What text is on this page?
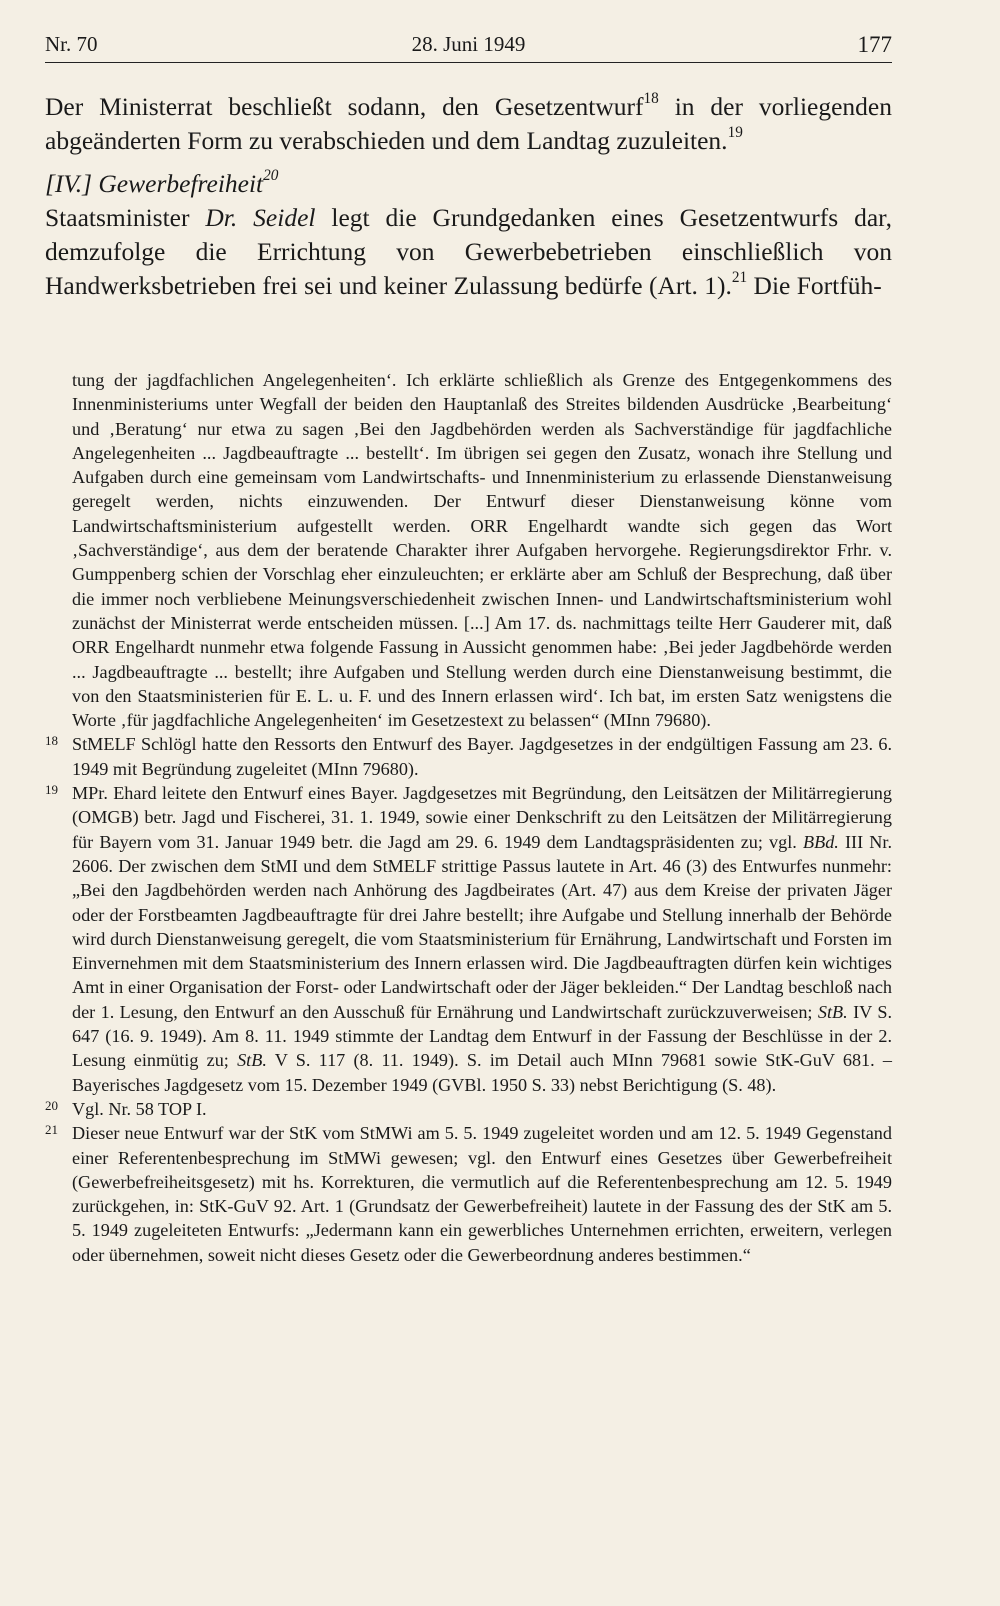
Nr. 70	28. Juni 1949	177

Der Ministerrat beschließt sodann, den Gesetzentwurf$^{18}$ in der vorliegenden abgeänderten Form zu verabschieden und dem Landtag zuzuleiten.$^{19}$

[IV.] Gewerbefreiheit$^{20}$

Staatsminister Dr. Seidel legt die Grundgedanken eines Gesetzentwurfs dar, demzufolge die Errichtung von Gewerbebetrieben einschließlich von Handwerksbetrieben frei sei und keiner Zulassung bedürfe (Art. 1).$^{21}$ Die Fortfüh-

tung der jagdfachlichen Angelegenheiten‘. Ich erklärte schließlich als Grenze des Entgegenkommens des Innenministeriums unter Wegfall der beiden den Hauptanlaß des Streites bildenden Ausdrücke ‚Bearbeitung‘ und ‚Beratung‘ nur etwa zu sagen ‚Bei den Jagdbehörden werden als Sachverständige für jagdfachliche Angelegenheiten ... Jagdbeauftragte ... bestellt‘. Im übrigen sei gegen den Zusatz, wonach ihre Stellung und Aufgaben durch eine gemeinsam vom Landwirtschafts- und Innenministerium zu erlassende Dienstanweisung geregelt werden, nichts einzuwenden. Der Entwurf dieser Dienstanweisung könne vom Landwirtschaftsministerium aufgestellt werden. ORR Engelhardt wandte sich gegen das Wort ‚Sachverständige‘, aus dem der beratende Charakter ihrer Aufgaben hervorgehe. Regierungsdirektor Frhr. v. Gumppenberg schien der Vorschlag eher einzuleuchten; er erklärte aber am Schluß der Besprechung, daß über die immer noch verbliebene Meinungsverschiedenheit zwischen Innen- und Landwirtschaftsministerium wohl zunächst der Ministerrat werde entscheiden müssen. [...] Am 17. ds. nachmittags teilte Herr Gauderer mit, daß ORR Engelhardt nunmehr etwa folgende Fassung in Aussicht genommen habe: ‚Bei jeder Jagdbehörde werden ... Jagdbeauftragte ... bestellt; ihre Aufgaben und Stellung werden durch eine Dienstanweisung bestimmt, die von den Staatsministerien für E. L. u. F. und des Innern erlassen wird‘. Ich bat, im ersten Satz wenigstens die Worte ‚für jagdfachliche Angelegenheiten‘ im Gesetzestext zu belassen“ (MInn 79680).
18 StMELF Schlögl hatte den Ressorts den Entwurf des Bayer. Jagdgesetzes in der endgültigen Fassung am 23. 6. 1949 mit Begründung zugeleitet (MInn 79680).
19 MPr. Ehard leitete den Entwurf eines Bayer. Jagdgesetzes mit Begründung, den Leitsätzen der Militärregierung (OMGB) betr. Jagd und Fischerei, 31. 1. 1949, sowie einer Denkschrift zu den Leitsätzen der Militärregierung für Bayern vom 31. Januar 1949 betr. die Jagd am 29. 6. 1949 dem Landtagspräsidenten zu; vgl. BBd. III Nr. 2606. Der zwischen dem StMI und dem StMELF strittige Passus lautete in Art. 46 (3) des Entwurfes nunmehr: „Bei den Jagdbehörden werden nach Anhörung des Jagdbeirates (Art. 47) aus dem Kreise der privaten Jäger oder der Forstbeamten Jagdbeauftragte für drei Jahre bestellt; ihre Aufgabe und Stellung innerhalb der Behörde wird durch Dienstanweisung geregelt, die vom Staatsministerium für Ernährung, Landwirtschaft und Forsten im Einvernehmen mit dem Staatsministerium des Innern erlassen wird. Die Jagdbeauftragten dürfen kein wichtiges Amt in einer Organisation der Forst- oder Landwirtschaft oder der Jäger bekleiden.“ Der Landtag beschloß nach der 1. Lesung, den Entwurf an den Ausschuß für Ernährung und Landwirtschaft zurückzuverweisen; StB. IV S. 647 (16. 9. 1949). Am 8. 11. 1949 stimmte der Landtag dem Entwurf in der Fassung der Beschlüsse in der 2. Lesung einmütig zu; StB. V S. 117 (8. 11. 1949). S. im Detail auch MInn 79681 sowie StK-GuV 681. – Bayerisches Jagdgesetz vom 15. Dezember 1949 (GVBl. 1950 S. 33) nebst Berichtigung (S. 48).
20 Vgl. Nr. 58 TOP I.
21 Dieser neue Entwurf war der StK vom StMWi am 5. 5. 1949 zugeleitet worden und am 12. 5. 1949 Gegenstand einer Referentenbesprechung im StMWi gewesen; vgl. den Entwurf eines Gesetzes über Gewerbefreiheit (Gewerbefreiheitsgesetz) mit hs. Korrekturen, die vermutlich auf die Referentenbesprechung am 12. 5. 1949 zurückgehen, in: StK-GuV 92. Art. 1 (Grundsatz der Gewerbefreiheit) lautete in der Fassung des der StK am 5. 5. 1949 zugeleiteten Entwurfs: „Jedermann kann ein gewerbliches Unternehmen errichten, erweitern, verlegen oder übernehmen, soweit nicht dieses Gesetz oder die Gewerbeordnung anderes bestimmen.“
